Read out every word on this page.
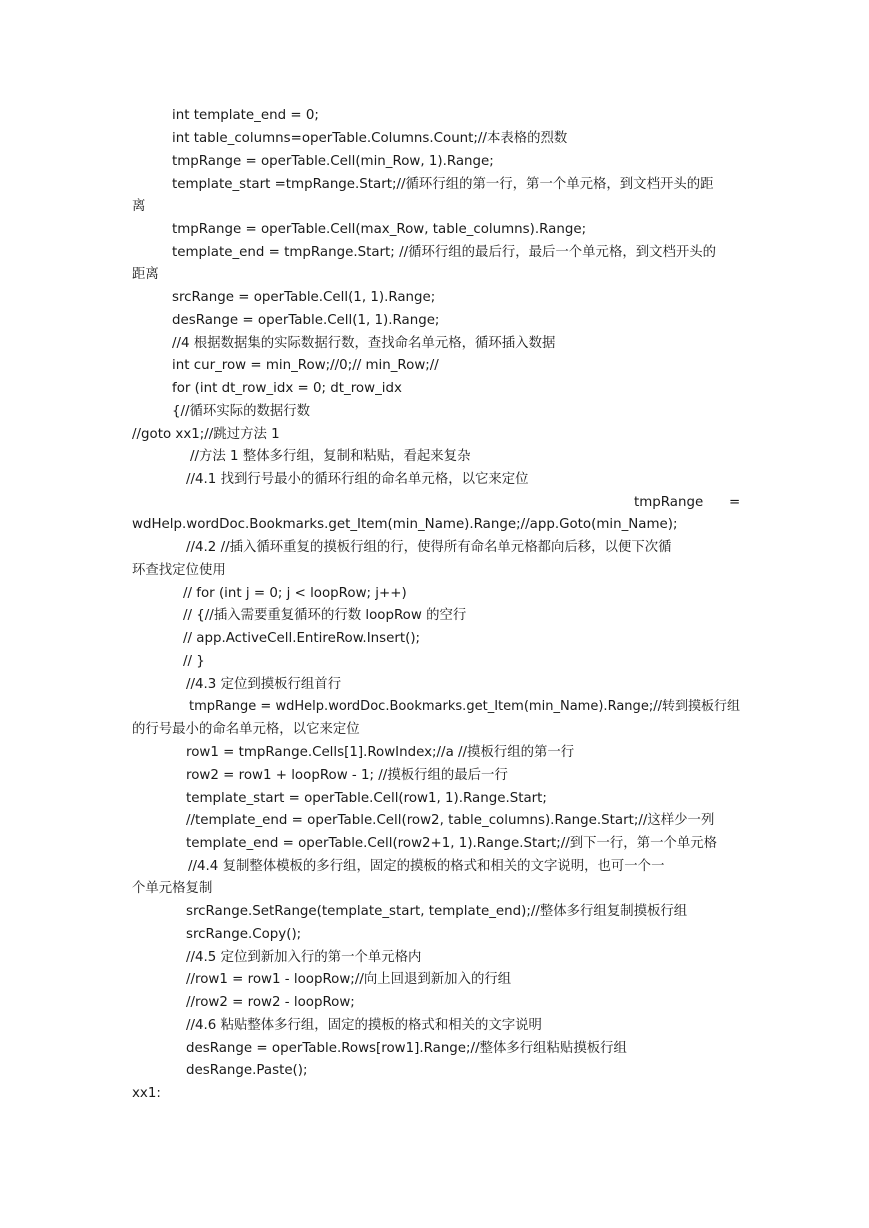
int template_end = 0;
int table_columns=operTable.Columns.Count;//本表格的烈数
tmpRange = operTable.Cell(min_Row, 1).Range;
template_start =tmpRange.Start;//循环行组的第一行，第一个单元格，到文档开头的距
离
tmpRange = operTable.Cell(max_Row, table_columns).Range;
template_end = tmpRange.Start; //循环行组的最后行，最后一个单元格，到文档开头的
距离
srcRange = operTable.Cell(1, 1).Range;
desRange = operTable.Cell(1, 1).Range;
//4 根据数据集的实际数据行数，查找命名单元格，循环插入数据
int cur_row = min_Row;//0;// min_Row;//
for (int dt_row_idx = 0; dt_row_idx
{//循环实际的数据行数
//goto xx1;//跳过方法 1
//方法 1 整体多行组，复制和粘贴，看起来复杂
//4.1 找到行号最小的循环行组的命名单元格，以它来定位
tmpRange =
wdHelp.wordDoc.Bookmarks.get_Item(min_Name).Range;//app.Goto(min_Name);
//4.2 //插入循环重复的摸板行组的行，使得所有命名单元格都向后移，以便下次循
环查找定位使用
// for (int j = 0; j < loopRow; j++)
// {//插入需要重复循环的行数 loopRow 的空行
// app.ActiveCell.EntireRow.Insert();
// }
//4.3 定位到摸板行组首行
tmpRange = wdHelp.wordDoc.Bookmarks.get_Item(min_Name).Range;//转到摸板行组
的行号最小的命名单元格，以它来定位
row1 = tmpRange.Cells[1].RowIndex;//a //摸板行组的第一行
row2 = row1 + loopRow - 1; //摸板行组的最后一行
template_start = operTable.Cell(row1, 1).Range.Start;
//template_end = operTable.Cell(row2, table_columns).Range.Start;//这样少一列
template_end = operTable.Cell(row2+1, 1).Range.Start;//到下一行，第一个单元格
//4.4 复制整体模板的多行组，固定的摸板的格式和相关的文字说明，也可一个一
个单元格复制
srcRange.SetRange(template_start, template_end);//整体多行组复制摸板行组
srcRange.Copy();
//4.5 定位到新加入行的第一个单元格内
//row1 = row1 - loopRow;//向上回退到新加入的行组
//row2 = row2 - loopRow;
//4.6 粘贴整体多行组，固定的摸板的格式和相关的文字说明
desRange = operTable.Rows[row1].Range;//整体多行组粘贴摸板行组
desRange.Paste();
xx1:
